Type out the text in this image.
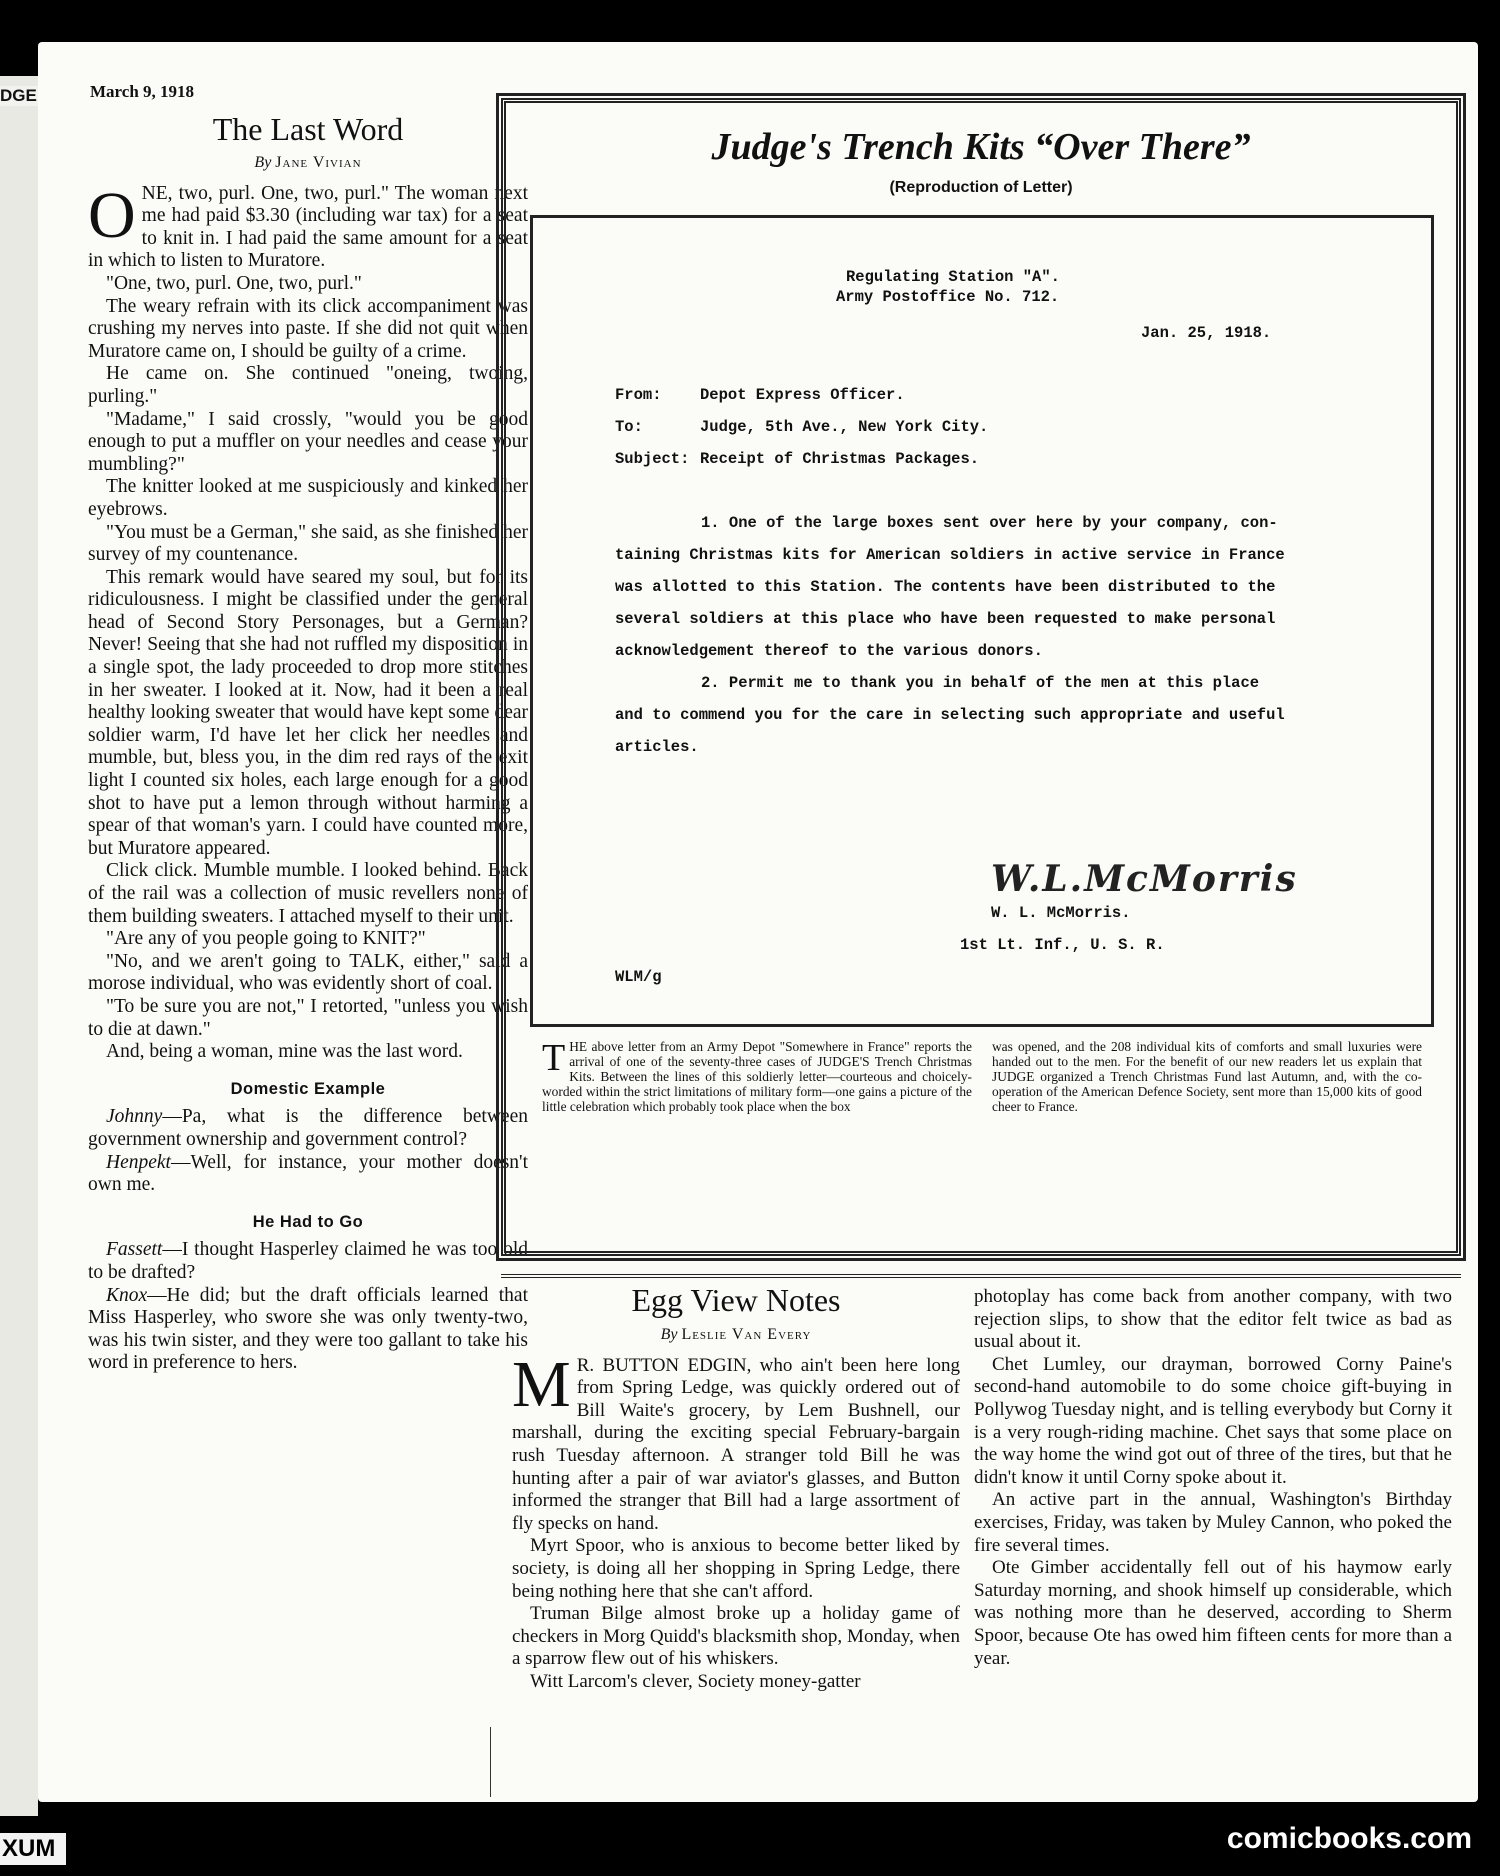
DGE	March 9, 1918
The Last Word
By Jane Vivian

ONE, two, purl. One, two, purl." The woman next me had paid $3.30 (including war tax) for a seat to knit in. I had paid the same amount for a seat in which to listen to Muratore.

"One, two, purl. One, two, purl."

The weary refrain with its click accompaniment was crushing my nerves into paste. If she did not quit when Muratore came on, I should be guilty of a crime.

He came on. She continued "oneing, twoing, purling."

"Madame," I said crossly, "would you be good enough to put a muffler on your needles and cease your mumbling?"

The knitter looked at me suspiciously and kinked her eyebrows.

"You must be a German," she said, as she finished her survey of my countenance.

This remark would have seared my soul, but for its ridiculousness. I might be classified under the general head of Second Story Personages, but a German? Never! Seeing that she had not ruffled my disposition in a single spot, the lady proceeded to drop more stitches in her sweater. I looked at it. Now, had it been a real healthy looking sweater that would have kept some dear soldier warm, I'd have let her click her needles and mumble, but, bless you, in the dim red rays of the exit light I counted six holes, each large enough for a good shot to have put a lemon through without harming a spear of that woman's yarn. I could have counted more, but Muratore appeared.

Click click. Mumble mumble. I looked behind. Back of the rail was a collection of music revellers none of them building sweaters. I attached myself to their unit.

"Are any of you people going to KNIT?"

"No, and we aren't going to TALK, either," said a morose individual, who was evidently short of coal.

"To be sure you are not," I retorted, "unless you wish to die at dawn."

And, being a woman, mine was the last word.

Domestic Example

Johnny—Pa, what is the difference between government ownership and government control?

Henpekt—Well, for instance, your mother doesn't own me.

He Had to Go

Fassett—I thought Hasperley claimed he was too old to be drafted?

Knox—He did; but the draft officials learned that Miss Hasperley, who swore she was only twenty-two, was his twin sister, and they were too gallant to take his word in preference to hers.

Judge's Trench Kits “Over There”
(Reproduction of Letter)
Regulating Station "A".
Army Postoffice No. 712.
Jan. 25, 1918.
From: Depot Express Officer.
To:	Judge, 5th Ave., New York City.
Subject: Receipt of Christmas Packages.
1. One of the large boxes sent over here by your company, con-
taining Christmas kits for American soldiers in active service in France
was allotted to this Station. The contents have been distributed to the
several soldiers at this place who have been requested to make personal
acknowledgement thereof to the various donors.
2. Permit me to thank you in behalf of the men at this place
and to commend you for the care in selecting such appropriate and useful
articles.
W.L.McMorris
W. L. McMorris.
1st Lt. Inf., U. S. R.
WLM/g
THE above letter from an Army Depot "Somewhere in France" reports the arrival of one of the seventy-three cases of JUDGE'S Trench Christmas Kits. Between the lines of this soldierly letter—courteous and choicely-worded within the strict limitations of military form—one gains a picture of the little celebration which probably took place when the box
was opened, and the 208 individual kits of comforts and small luxuries were handed out to the men. For the benefit of our new readers let us explain that JUDGE organized a Trench Christmas Fund last Autumn, and, with the co-operation of the American Defence Society, sent more than 15,000 kits of good cheer to France.
Egg View Notes
By Leslie Van Every

M R. BUTTON EDGIN, who ain't been here long from Spring Ledge, was quickly ordered out of Bill Waite's grocery, by Lem Bushnell, our marshall, during the exciting special February-bargain rush Tuesday afternoon. A stranger told Bill he was hunting after a pair of war aviator's glasses, and Button informed the stranger that Bill had a large assortment of fly specks on hand.

Myrt Spoor, who is anxious to become better liked by society, is doing all her shopping in Spring Ledge, there being nothing here that she can't afford.

Truman Bilge almost broke up a holiday game of checkers in Morg Quidd's blacksmith shop, Monday, when a sparrow flew out of his whiskers.

Witt Larcom's clever, Society money-gatter

photoplay has come back from another company, with two rejection slips, to show that the editor felt twice as bad as usual about it.

Chet Lumley, our drayman, borrowed Corny Paine's second-hand automobile to do some choice gift-buying in Pollywog Tuesday night, and is telling everybody but Corny it is a very rough-riding machine. Chet says that some place on the way home the wind got out of three of the tires, but that he didn't know it until Corny spoke about it.

An active part in the annual, Washington's Birthday exercises, Friday, was taken by Muley Cannon, who poked the fire several times.

Ote Gimber accidentally fell out of his haymow early Saturday morning, and shook himself up considerable, which was nothing more than he deserved, according to Sherm Spoor, because Ote has owed him fifteen cents for more than a year.

XUM	comicbooks.com
